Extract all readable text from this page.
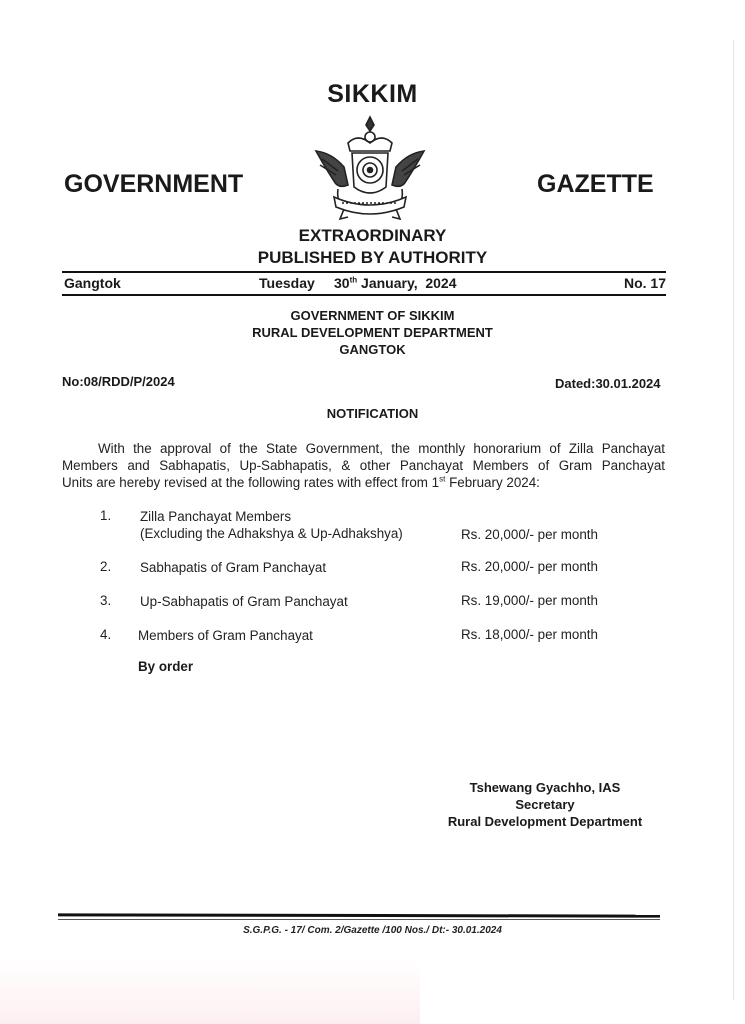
SIKKIM
GOVERNMENT	GAZETTE
EXTRAORDINARY
PUBLISHED BY AUTHORITY
Gangtok	Tuesday 30th January,  2024	No. 17
GOVERNMENT OF SIKKIM
RURAL DEVELOPMENT DEPARTMENT
GANGTOK
No:08/RDD/P/2024	Dated:30.01.2024
NOTIFICATION
With the approval of the State Government, the monthly honorarium of Zilla Panchayat
Members and Sabhapatis, Up-Sabhapatis, & other Panchayat Members of Gram Panchayat
Units are hereby revised at the following rates with effect from 1st February 2024:
1. Zilla Panchayat Members
(Excluding the Adhakshya & Up-Adhakshya)	Rs. 20,000/- per month
2. Sabhapatis of Gram Panchayat	Rs. 20,000/- per month
3. Up-Sabhapatis of Gram Panchayat	Rs. 19,000/- per month
4. Members of Gram Panchayat	Rs. 18,000/- per month
By order
Tshewang Gyachho, IAS
Secretary
Rural Development Department
S.G.P.G. - 17/ Com. 2/Gazette /100 Nos./ Dt:- 30.01.2024
